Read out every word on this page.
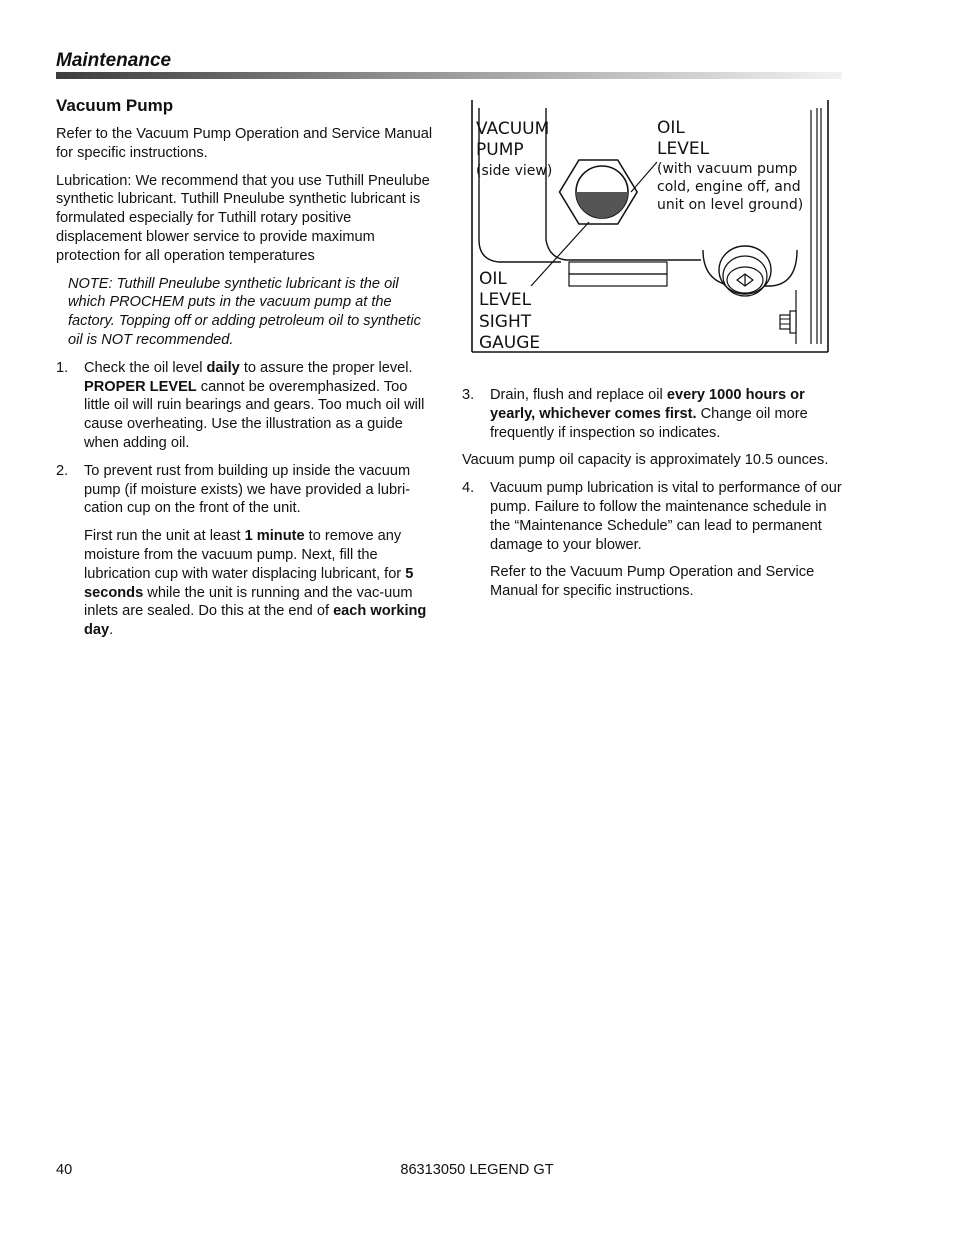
Maintenance
Vacuum Pump

Refer to the Vacuum Pump Operation and Service Manual for specific instructions.

Lubrication: We recommend that you use Tuthill Pneulube synthetic lubricant. Tuthill Pneulube synthetic lubricant is formulated especially for Tuthill rotary positive displacement blower service to provide maximum protection for all operation temperatures

NOTE: Tuthill Pneulube synthetic lubricant is the oil which PROCHEM puts in the vacuum pump at the factory. Topping off or adding petroleum oil to synthetic oil is NOT recommended.

1. Check the oil level daily to assure the proper level. PROPER LEVEL cannot be overemphasized. Too little oil will ruin bearings and gears. Too much oil will cause overheating. Use the illustration as a guide when adding oil.
2. To prevent rust from building up inside the vacuum pump (if moisture exists) we have provided a lubri-cation cup on the front of the unit.

First run the unit at least 1 minute to remove any moisture from the vacuum pump. Next, fill the lubrication cup with water displacing lubricant, for 5 seconds while the unit is running and the vac-uum inlets are sealed. Do this at the end of each working day.

VACUUM
PUMP
(side view)
OIL
LEVEL
(with vacuum pump
cold, engine off, and
unit on level ground)
OIL
LEVEL
SIGHT
GAUGE
3. Drain, flush and replace oil every 1000 hours or yearly, whichever comes first. Change oil more frequently if inspection so indicates.

Vacuum pump oil capacity is approximately 10.5 ounces.

4. Vacuum pump lubrication is vital to performance of our pump. Failure to follow the maintenance schedule in the “Maintenance Schedule” can lead to permanent damage to your blower.

Refer to the Vacuum Pump Operation and Service Manual for specific instructions.

40	86313050 LEGEND GT
